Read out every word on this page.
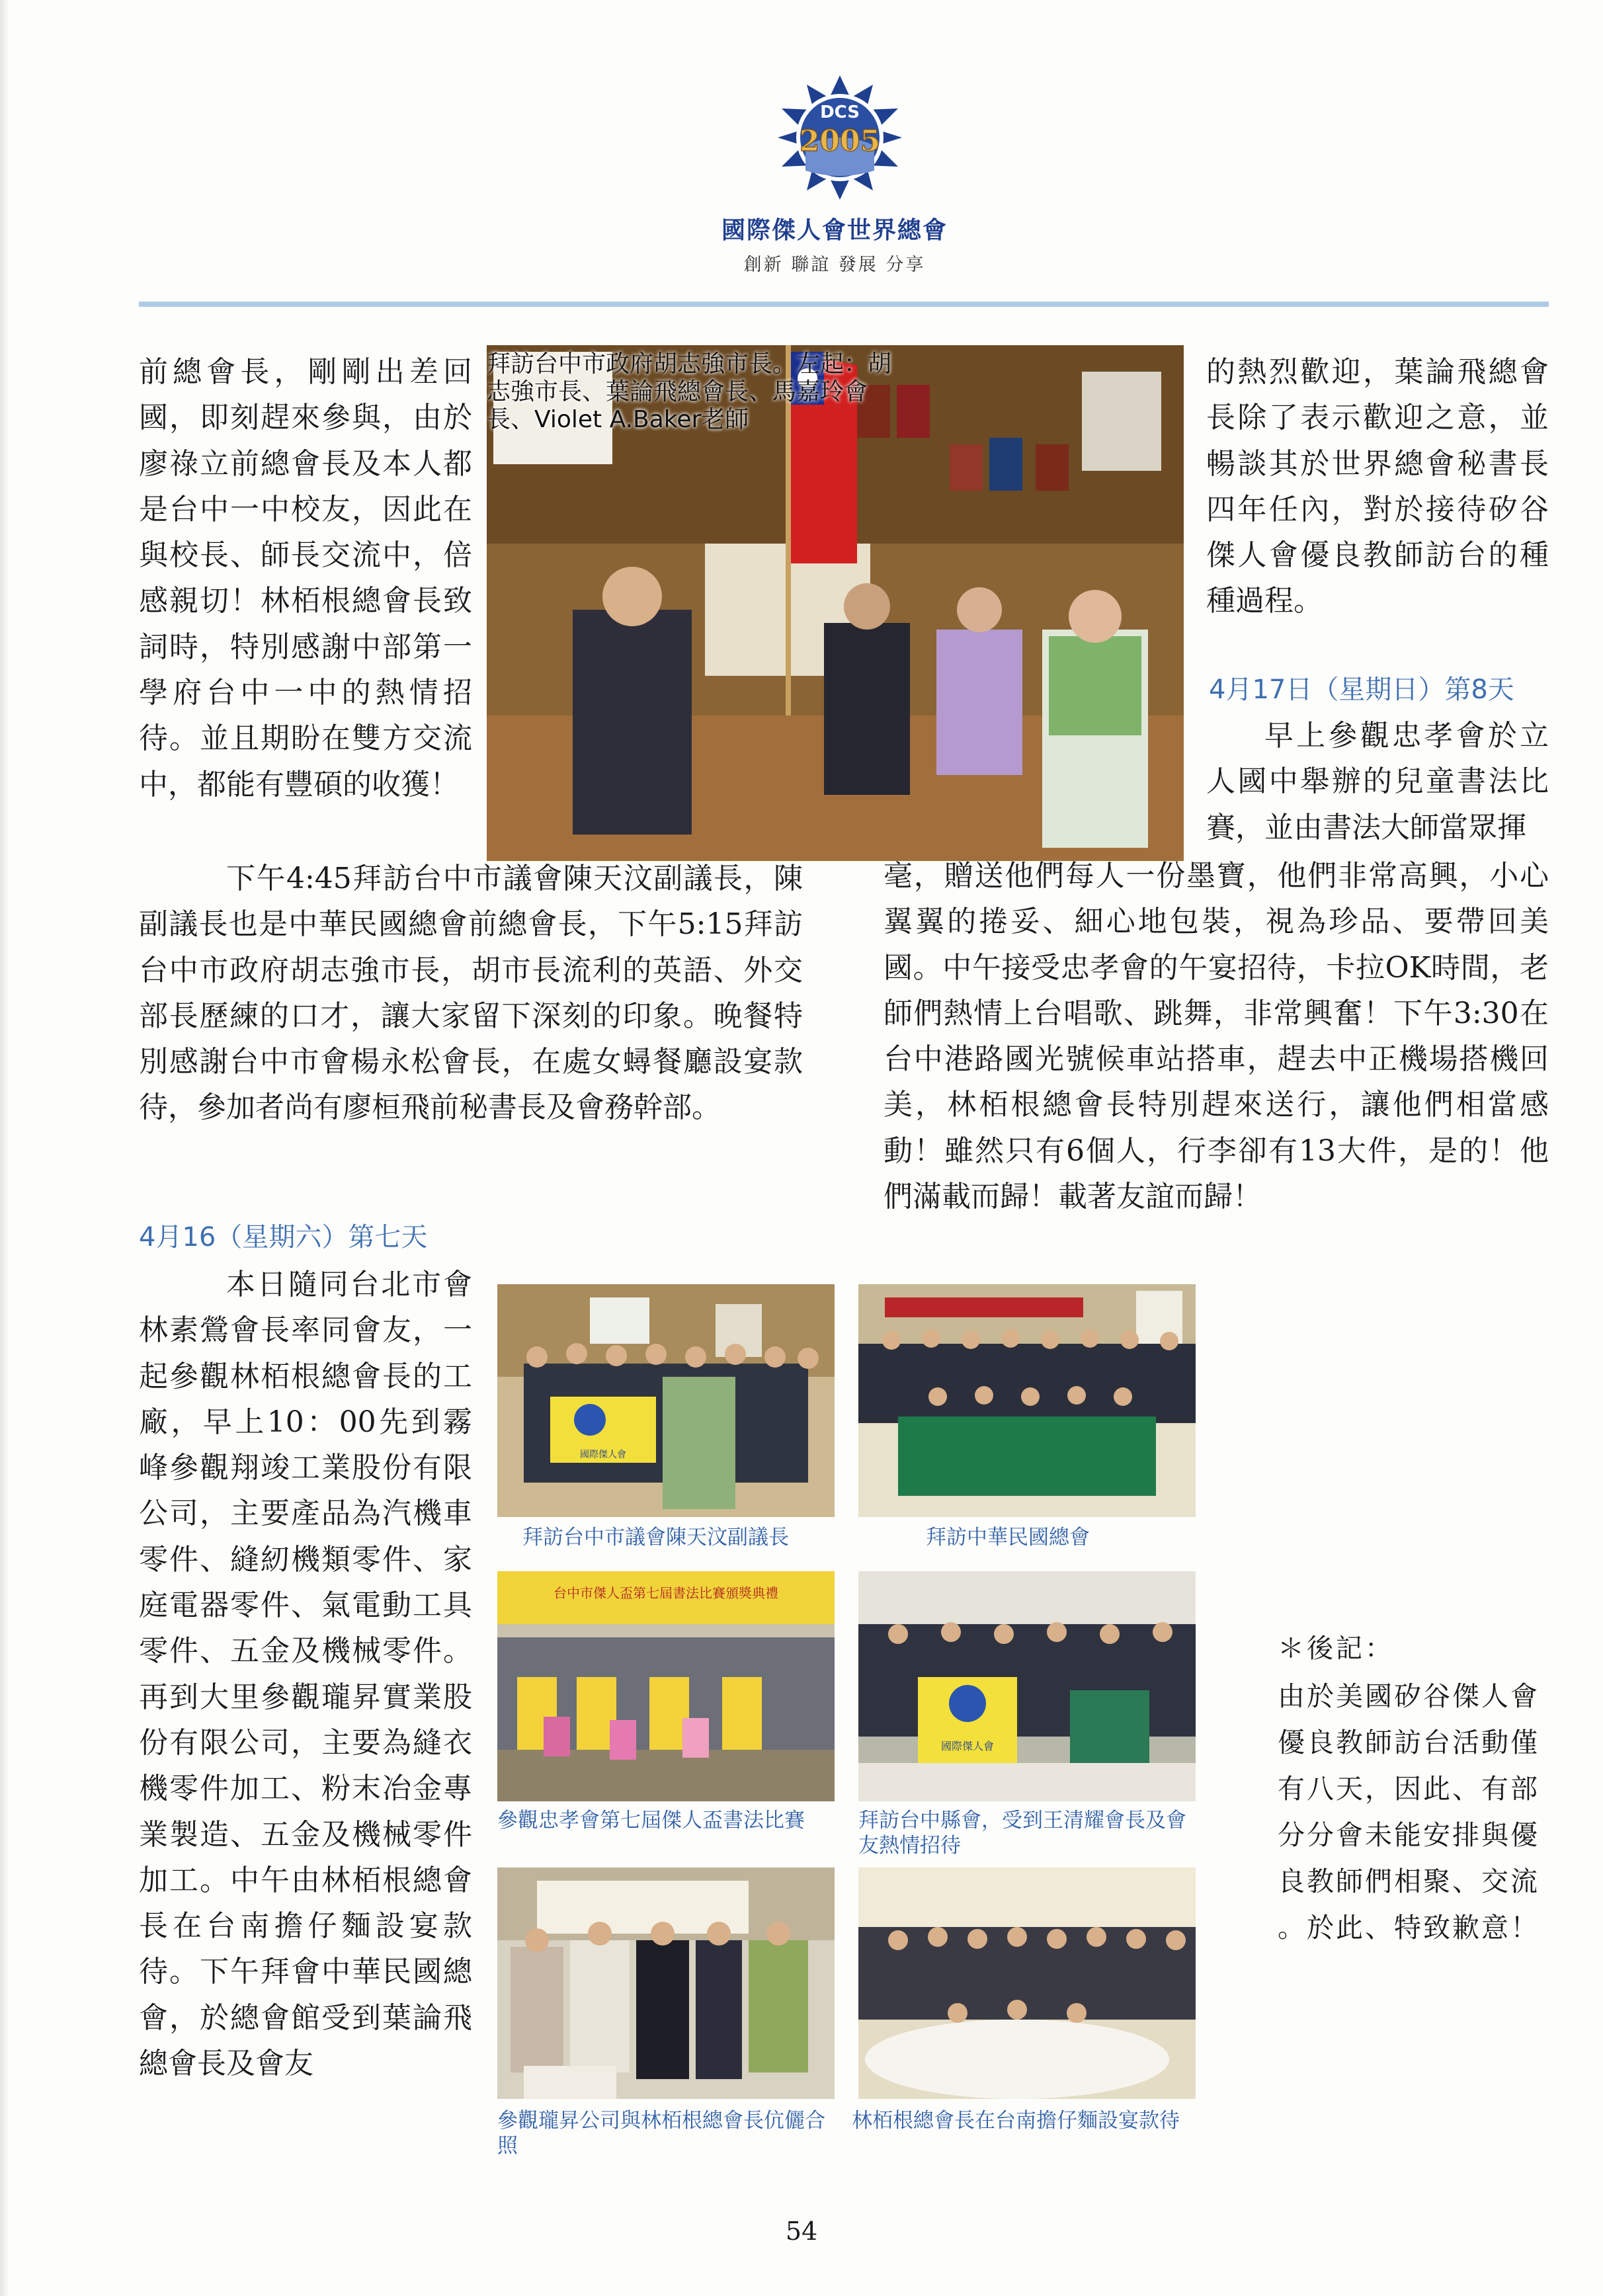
DCS
2005
國際傑人會世界總會
創新 聯誼 發展 分享
拜訪台中市政府胡志強市長。左起：胡志強市長、葉論飛總會長、馬嘉玲會長、Violet A.Baker老師

前總會長，剛剛出差回國，即刻趕來參與，由於廖祿立前總會長及本人都是台中一中校友，因此在與校長、師長交流中，倍感親切！林栢根總會長致詞時，特別感謝中部第一學府台中一中的熱情招待。並且期盼在雙方交流中，都能有豐碩的收獲！

的熱烈歡迎，葉論飛總會長除了表示歡迎之意，並暢談其於世界總會秘書長四年任內，對於接待矽谷傑人會優良教師訪台的種種過程。

下午4:45拜訪台中市議會陳天汶副議長，陳副議長也是中華民國總會前總會長，下午5:15拜訪台中市政府胡志強市長，胡市長流利的英語、外交部長歷練的口才，讓大家留下深刻的印象。晚餐特別感謝台中市會楊永松會長，在處女蟳餐廳設宴款待，參加者尚有廖桓飛前秘書長及會務幹部。

4月17日（星期日）第8天

早上參觀忠孝會於立人國中舉辦的兒童書法比賽，並由書法大師當眾揮

毫，贈送他們每人一份墨寶，他們非常高興，小心翼翼的捲妥、細心地包裝，視為珍品、要帶回美國。中午接受忠孝會的午宴招待，卡拉OK時間，老師們熱情上台唱歌、跳舞，非常興奮！下午3:30在台中港路國光號候車站搭車，趕去中正機場搭機回美，林栢根總會長特別趕來送行，讓他們相當感動！雖然只有6個人，行李卻有13大件，是的！他們滿載而歸！載著友誼而歸！

4月16（星期六）第七天

本日隨同台北市會林素鶯會長率同會友，一起參觀林栢根總會長的工廠，早上10：00先到霧峰參觀翔竣工業股份有限公司，主要產品為汽機車零件、縫紉機類零件、家庭電器零件、氣電動工具零件、五金及機械零件。再到大里參觀瓏昇實業股份有限公司，主要為縫衣機零件加工、粉末冶金專業製造、五金及機械零件加工。中午由林栢根總會長在台南擔仔麵設宴款待。下午拜會中華民國總會，於總會館受到葉論飛總會長及會友

國際傑人會
拜訪台中市議會陳天汶副議長	拜訪中華民國總會
台中市傑人盃第七屆書法比賽頒獎典禮
參觀忠孝會第七屆傑人盃書法比賽
國際傑人會
拜訪台中縣會，受到王清耀會長及會友熱情招待
參觀瓏昇公司與林栢根總會長伉儷合照
林栢根總會長在台南擔仔麵設宴款待
＊後記：
由於美國矽谷傑人會
優良教師訪台活動僅
有八天，因此、有部
分分會未能安排與優
良教師們相聚、交流
。於此、特致歉意！
54
